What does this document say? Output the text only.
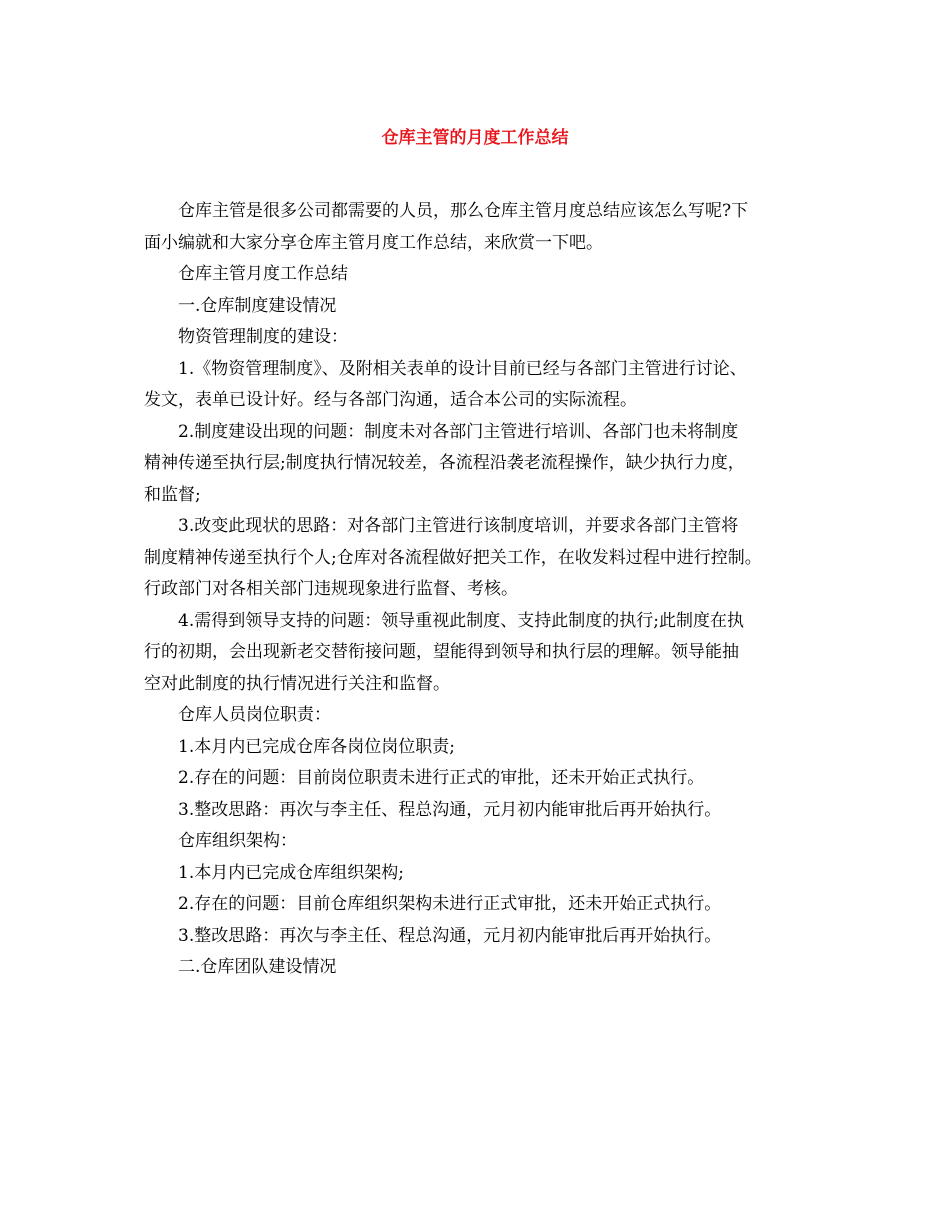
仓库主管的月度工作总结

仓库主管是很多公司都需要的人员，那么仓库主管月度总结应该怎么写呢?下
面小编就和大家分享仓库主管月度工作总结，来欣赏一下吧。

仓库主管月度工作总结

一.仓库制度建设情况

物资管理制度的建设：

1.《物资管理制度》、及附相关表单的设计目前已经与各部门主管进行讨论、
发文，表单已设计好。经与各部门沟通，适合本公司的实际流程。

2.制度建设出现的问题：制度未对各部门主管进行培训、各部门也未将制度
精神传递至执行层;制度执行情况较差，各流程沿袭老流程操作，缺少执行力度，
和监督;

3.改变此现状的思路：对各部门主管进行该制度培训，并要求各部门主管将
制度精神传递至执行个人;仓库对各流程做好把关工作，在收发料过程中进行控制。
行政部门对各相关部门违规现象进行监督、考核。

4.需得到领导支持的问题：领导重视此制度、支持此制度的执行;此制度在执
行的初期，会出现新老交替衔接问题，望能得到领导和执行层的理解。领导能抽
空对此制度的执行情况进行关注和监督。

仓库人员岗位职责：

1.本月内已完成仓库各岗位岗位职责;

2.存在的问题：目前岗位职责未进行正式的审批，还未开始正式执行。

3.整改思路：再次与李主任、程总沟通，元月初内能审批后再开始执行。

仓库组织架构：

1.本月内已完成仓库组织架构;

2.存在的问题：目前仓库组织架构未进行正式审批，还未开始正式执行。

3.整改思路：再次与李主任、程总沟通，元月初内能审批后再开始执行。

二.仓库团队建设情况
